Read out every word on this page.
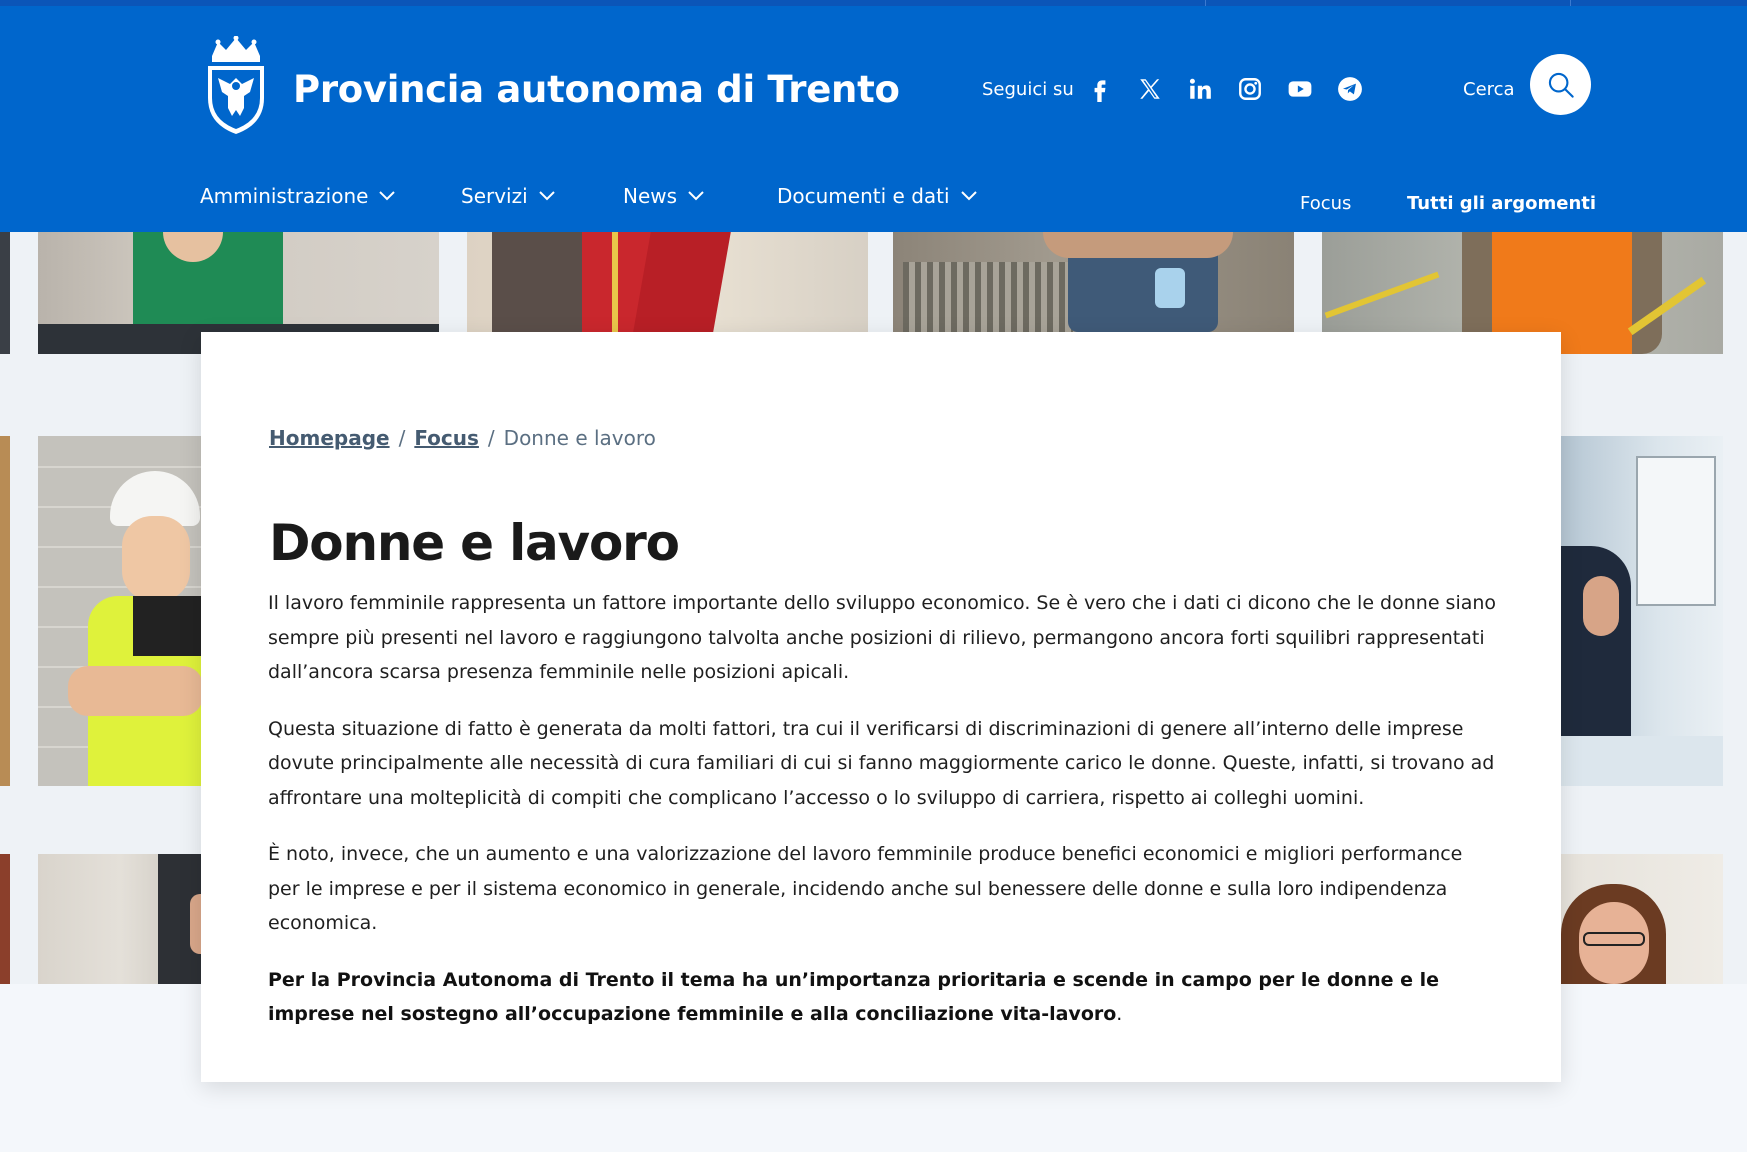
Provincia autonoma di Trento	Seguici su	Cerca
Amministrazione	Servizi	News	Documenti e dati	Focus	Tutti gli argomenti
Homepage / Focus / Donne e lavoro
Donne e lavoro

Il lavoro femminile rappresenta un fattore importante dello sviluppo economico. Se è vero che i dati ci dicono che le donne siano sempre più presenti nel lavoro e raggiungono talvolta anche posizioni di rilievo, permangono ancora forti squilibri rappresentati dall’ancora scarsa presenza femminile nelle posizioni apicali.

Questa situazione di fatto è generata da molti fattori, tra cui il verificarsi di discriminazioni di genere all’interno delle imprese dovute principalmente alle necessità di cura familiari di cui si fanno maggiormente carico le donne. Queste, infatti, si trovano ad affrontare una molteplicità di compiti che complicano l’accesso o lo sviluppo di carriera, rispetto ai colleghi uomini.

È noto, invece, che un aumento e una valorizzazione del lavoro femminile produce benefici economici e migliori performance per le imprese e per il sistema economico in generale, incidendo anche sul benessere delle donne e sulla loro indipendenza economica.

Per la Provincia Autonoma di Trento il tema ha un’importanza prioritaria e scende in campo per le donne e le imprese nel sostegno all’occupazione femminile e alla conciliazione vita-lavoro.
